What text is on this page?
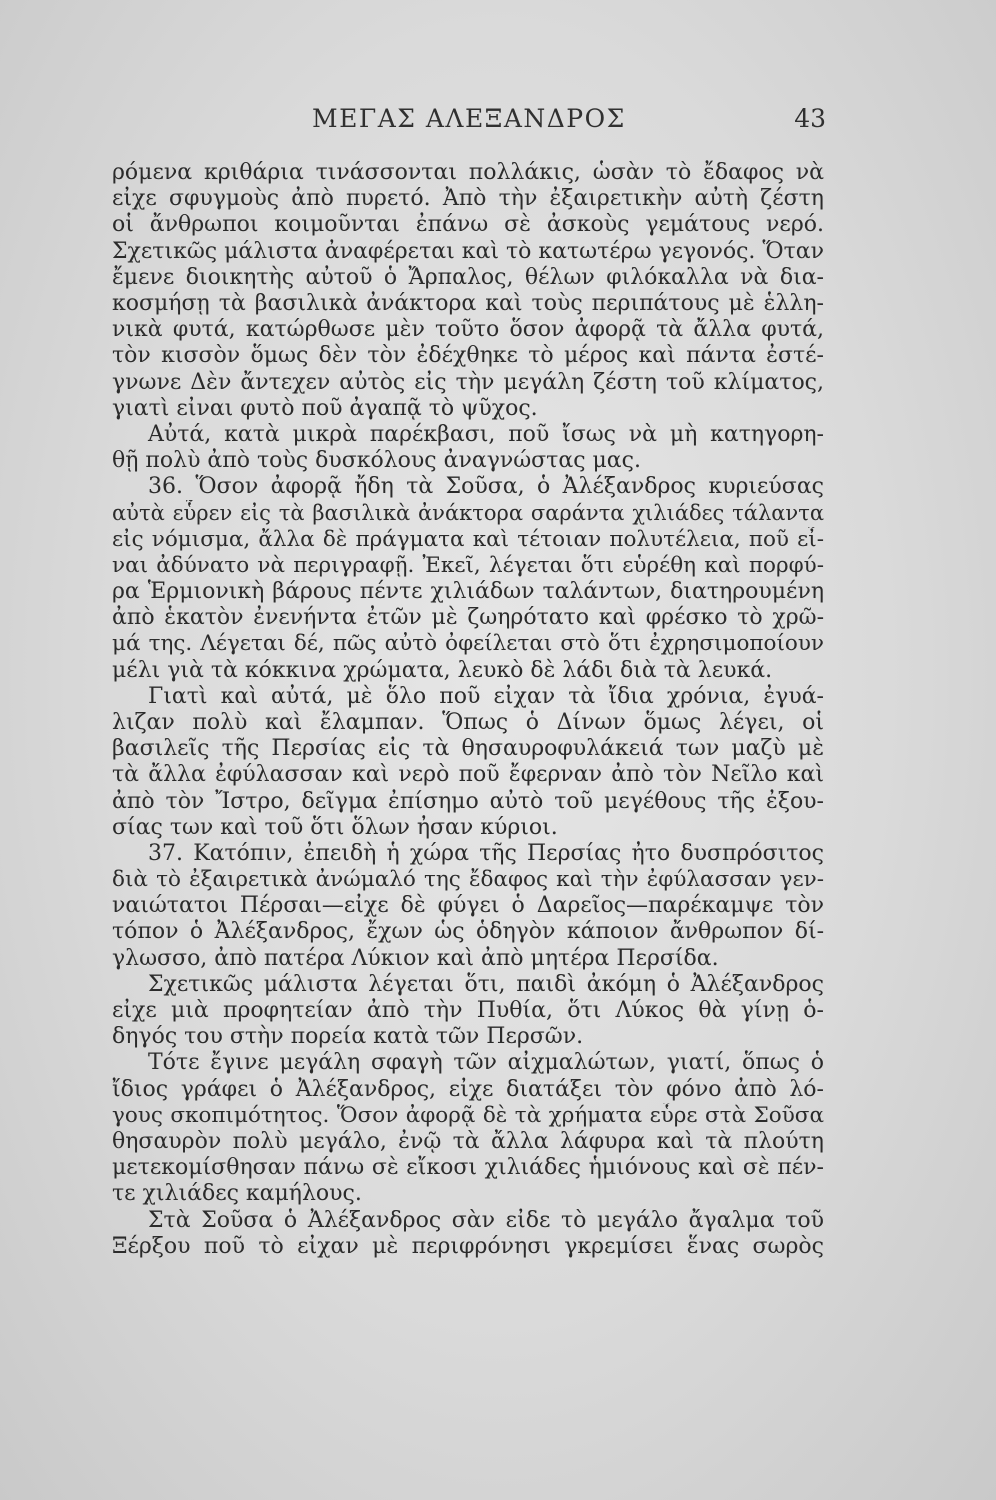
ΜΕΓΑΣ ΑΛΕΞΑΝΔΡΟΣ	43
ρόμενα κριθάρια τινάσσονται πολλάκις, ὡσὰν τὸ ἔδαφος νὰ
εἶχε σφυγμοὺς ἀπὸ πυρετό. Ἀπὸ τὴν ἐξαιρετικὴν αὐτὴ ζέστη
οἱ ἄνθρωποι κοιμοῦνται ἐπάνω σὲ ἀσκοὺς γεμάτους νερό.
Σχετικῶς μάλιστα ἀναφέρεται καὶ τὸ κατωτέρω γεγονός. Ὅταν
ἔμενε διοικητὴς αὐτοῦ ὁ Ἄρπαλος, θέλων φιλόκαλλα νὰ δια-
κοσμήσῃ τὰ βασιλικὰ ἀνάκτορα καὶ τοὺς περιπάτους μὲ ἑλλη-
νικὰ φυτά, κατώρθωσε μὲν τοῦτο ὅσον ἀφορᾷ τὰ ἄλλα φυτά,
τὸν κισσὸν ὅμως δὲν τὸν ἐδέχθηκε τὸ μέρος καὶ πάντα ἐστέ-
γνωνε Δὲν ἄντεχεν αὐτὸς εἰς τὴν μεγάλη ζέστη τοῦ κλίματος,
γιατὶ εἶναι φυτὸ ποῦ ἀγαπᾷ τὸ ψῦχος.
Αὐτά, κατὰ μικρὰ παρέκβασι, ποῦ ἴσως νὰ μὴ κατηγορη-
θῇ πολὺ ἀπὸ τοὺς δυσκόλους ἀναγνώστας μας.
36. Ὅσον ἀφορᾷ ἤδη τὰ Σοῦσα, ὁ Ἀλέξανδρος κυριεύσας
αὐτὰ εὗρεν εἰς τὰ βασιλικὰ ἀνάκτορα σαράντα χιλιάδες τάλαντα
εἰς νόμισμα, ἄλλα δὲ πράγματα καὶ τέτοιαν πολυτέλεια, ποῦ εἶ-
ναι ἀδύνατο νὰ περιγραφῇ. Ἐκεῖ, λέγεται ὅτι εὑρέθη καὶ πορφύ-
ρα Ἑρμιονικὴ βάρους πέντε χιλιάδων ταλάντων, διατηρουμένη
ἀπὸ ἑκατὸν ἐνενήντα ἐτῶν μὲ ζωηρότατο καὶ φρέσκο τὸ χρῶ-
μά της. Λέγεται δέ, πῶς αὐτὸ ὀφείλεται στὸ ὅτι ἐχρησιμοποίουν
μέλι γιὰ τὰ κόκκινα χρώματα, λευκὸ δὲ λάδι διὰ τὰ λευκά.
Γιατὶ καὶ αὐτά, μὲ ὅλο ποῦ εἶχαν τὰ ἴδια χρόνια, ἐγυά-
λιζαν πολὺ καὶ ἔλαμπαν. Ὅπως ὁ Δίνων ὅμως λέγει, οἱ
βασιλεῖς τῆς Περσίας εἰς τὰ θησαυροφυλάκειά των μαζὺ μὲ
τὰ ἄλλα ἐφύλασσαν καὶ νερὸ ποῦ ἔφερναν ἀπὸ τὸν Νεῖλο καὶ
ἀπὸ τὸν Ἴστρο, δεῖγμα ἐπίσημο αὐτὸ τοῦ μεγέθους τῆς ἐξου-
σίας των καὶ τοῦ ὅτι ὅλων ἦσαν κύριοι.
37. Κατόπιν, ἐπειδὴ ἡ χώρα τῆς Περσίας ἦτο δυσπρόσιτος
διὰ τὸ ἐξαιρετικὰ ἀνώμαλό της ἔδαφος καὶ τὴν ἐφύλασσαν γεν-
ναιώτατοι Πέρσαι—εἶχε δὲ φύγει ὁ Δαρεῖος—παρέκαμψε τὸν
τόπον ὁ Ἀλέξανδρος, ἔχων ὡς ὁδηγὸν κάποιον ἄνθρωπον δί-
γλωσσο, ἀπὸ πατέρα Λύκιον καὶ ἀπὸ μητέρα Περσίδα.
Σχετικῶς μάλιστα λέγεται ὅτι, παιδὶ ἀκόμη ὁ Ἀλέξανδρος
εἶχε μιὰ προφητείαν ἀπὸ τὴν Πυθία, ὅτι Λύκος θὰ γίνῃ ὁ-
δηγός του στὴν πορεία κατὰ τῶν Περσῶν.
Τότε ἔγινε μεγάλη σφαγὴ τῶν αἰχμαλώτων, γιατί, ὅπως ὁ
ἴδιος γράφει ὁ Ἀλέξανδρος, εἶχε διατάξει τὸν φόνο ἀπὸ λό-
γους σκοπιμότητος. Ὅσον ἀφορᾷ δὲ τὰ χρήματα εὗρε στὰ Σοῦσα
θησαυρὸν πολὺ μεγάλο, ἐνῷ τὰ ἄλλα λάφυρα καὶ τὰ πλούτη
μετεκομίσθησαν πάνω σὲ εἴκοσι χιλιάδες ἡμιόνους καὶ σὲ πέν-
τε χιλιάδες καμήλους.
Στὰ Σοῦσα ὁ Ἀλέξανδρος σὰν εἶδε τὸ μεγάλο ἄγαλμα τοῦ
Ξέρξου ποῦ τὸ εἶχαν μὲ περιφρόνησι γκρεμίσει ἕνας σωρὸς
